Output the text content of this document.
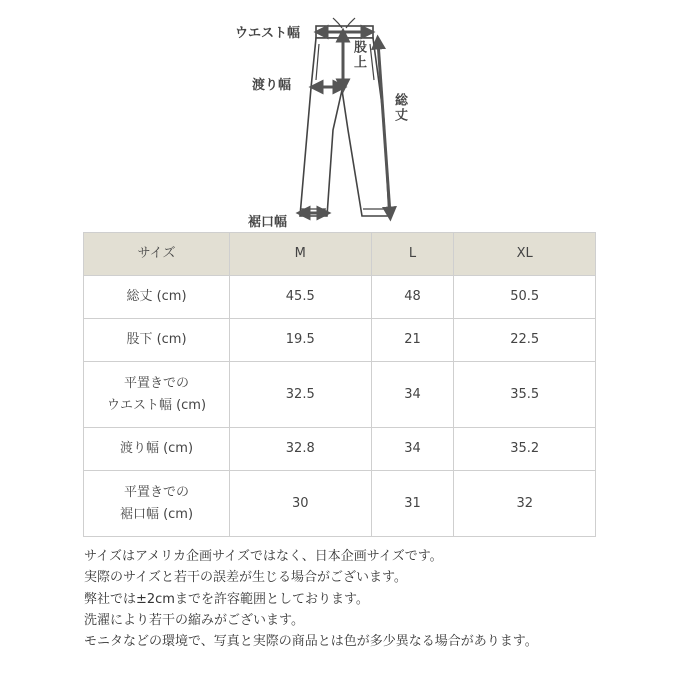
ウエスト幅
股上
渡り幅
総丈
裾口幅
サイズ	M	L	XL
総丈 (cm)	45.5	48	50.5
股下 (cm)	19.5	21	22.5
平置きでの
ウエスト幅 (cm)	32.5	34	35.5
渡り幅 (cm)	32.8	34	35.2
平置きでの
裾口幅 (cm)	30	31	32
サイズはアメリカ企画サイズではなく、日本企画サイズです。
実際のサイズと若干の誤差が生じる場合がございます。
弊社では±2cmまでを許容範囲としております。
洗濯により若干の縮みがございます。
モニタなどの環境で、写真と実際の商品とは色が多少異なる場合があります。
